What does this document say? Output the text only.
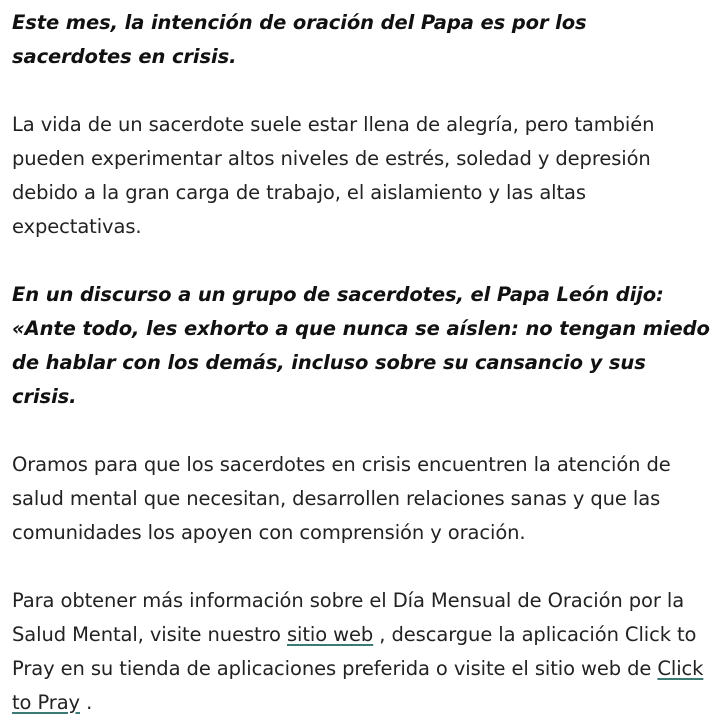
Este mes, la intención de oración del Papa es por los sacerdotes en crisis.

La vida de un sacerdote suele estar llena de alegría, pero también pueden experimentar altos niveles de estrés, soledad y depresión debido a la gran carga de trabajo, el aislamiento y las altas expectativas.

En un discurso a un grupo de sacerdotes, el Papa León dijo: «Ante todo, les exhorto a que nunca se aíslen: no tengan miedo de hablar con los demás, incluso sobre su cansancio y sus crisis.

Oramos para que los sacerdotes en crisis encuentren la atención de salud mental que necesitan, desarrollen relaciones sanas y que las comunidades los apoyen con comprensión y oración.

Para obtener más información sobre el Día Mensual de Oración por la Salud Mental, visite nuestro sitio web , descargue la aplicación Click to Pray en su tienda de aplicaciones preferida o visite el sitio web de Click to Pray .
